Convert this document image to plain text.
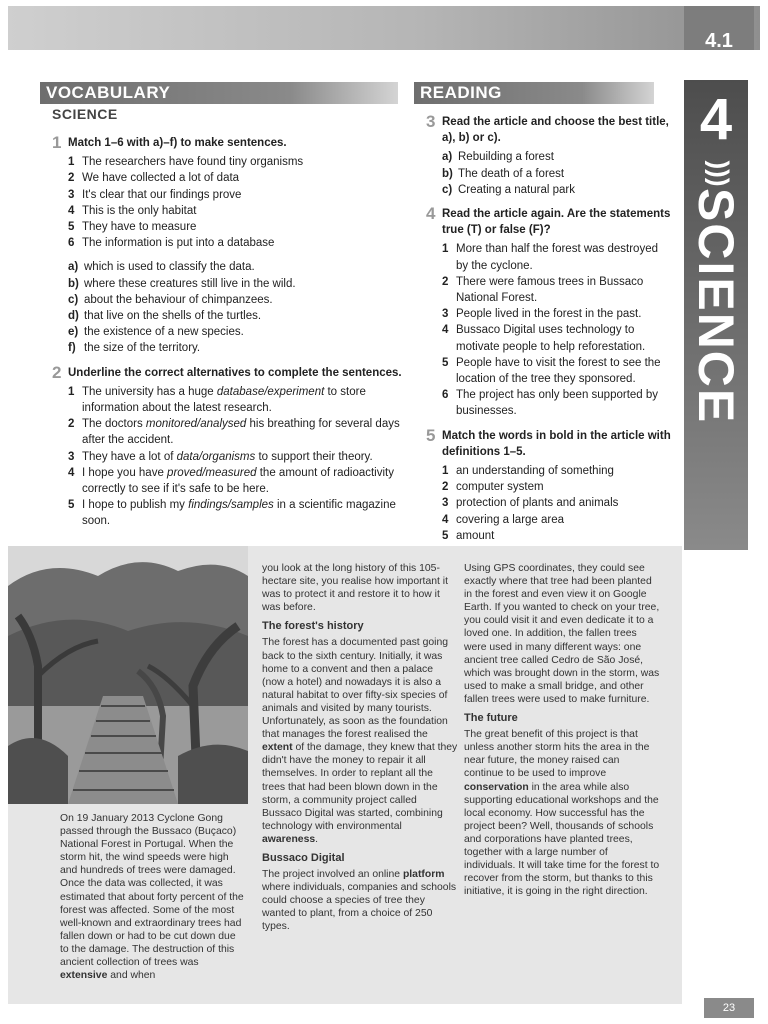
4.1
4
)))
SCIENCE
VOCABULARY
SCIENCE
1 Match 1–6 with a)–f) to make sentences.
1 The researchers have found tiny organisms
2 We have collected a lot of data
3 It's clear that our findings prove
4 This is the only habitat
5 They have to measure
6 The information is put into a database
a) which is used to classify the data.
b) where these creatures still live in the wild.
c) about the behaviour of chimpanzees.
d) that live on the shells of the turtles.
e) the existence of a new species.
f) the size of the territory.
2 Underline the correct alternatives to complete the sentences.
1 The university has a huge database/experiment to store information about the latest research.
2 The doctors monitored/analysed his breathing for several days after the accident.
3 They have a lot of data/organisms to support their theory.
4 I hope you have proved/measured the amount of radioactivity correctly to see if it's safe to be here.
5 I hope to publish my findings/samples in a scientific magazine soon.
READING
3 Read the article and choose the best title, a), b) or c).
a) Rebuilding a forest
b) The death of a forest
c) Creating a natural park
4 Read the article again. Are the statements true (T) or false (F)?
1 More than half the forest was destroyed by the cyclone.
2 There were famous trees in Bussaco National Forest.
3 People lived in the forest in the past.
4 Bussaco Digital uses technology to motivate people to help reforestation.
5 People have to visit the forest to see the location of the tree they sponsored.
6 The project has only been supported by businesses.
5 Match the words in bold in the article with definitions 1–5.
1 an understanding of something
2 computer system
3 protection of plants and animals
4 covering a large area
5 amount

On 19 January 2013 Cyclone Gong passed through the Bussaco (Buçaco) National Forest in Portugal. When the storm hit, the wind speeds were high and hundreds of trees were damaged. Once the data was collected, it was estimated that about forty percent of the forest was affected. Some of the most well-known and extraordinary trees had fallen down or had to be cut down due to the damage. The destruction of this ancient collection of trees was extensive and when

you look at the long history of this 105-hectare site, you realise how important it was to protect it and restore it to how it was before.

The forest's history

The forest has a documented past going back to the sixth century. Initially, it was home to a convent and then a palace (now a hotel) and nowadays it is also a natural habitat to over fifty-six species of animals and visited by many tourists. Unfortunately, as soon as the foundation that manages the forest realised the extent of the damage, they knew that they didn't have the money to repair it all themselves. In order to replant all the trees that had been blown down in the storm, a community project called Bussaco Digital was started, combining technology with environmental awareness.

Bussaco Digital

The project involved an online platform where individuals, companies and schools could choose a species of tree they wanted to plant, from a choice of 250 types.

Using GPS coordinates, they could see exactly where that tree had been planted in the forest and even view it on Google Earth. If you wanted to check on your tree, you could visit it and even dedicate it to a loved one. In addition, the fallen trees were used in many different ways: one ancient tree called Cedro de São José, which was brought down in the storm, was used to make a small bridge, and other fallen trees were used to make furniture.

The future

The great benefit of this project is that unless another storm hits the area in the near future, the money raised can continue to be used to improve conservation in the area while also supporting educational workshops and the local economy. How successful has the project been? Well, thousands of schools and corporations have planted trees, together with a large number of individuals. It will take time for the forest to recover from the storm, but thanks to this initiative, it is going in the right direction.

23
